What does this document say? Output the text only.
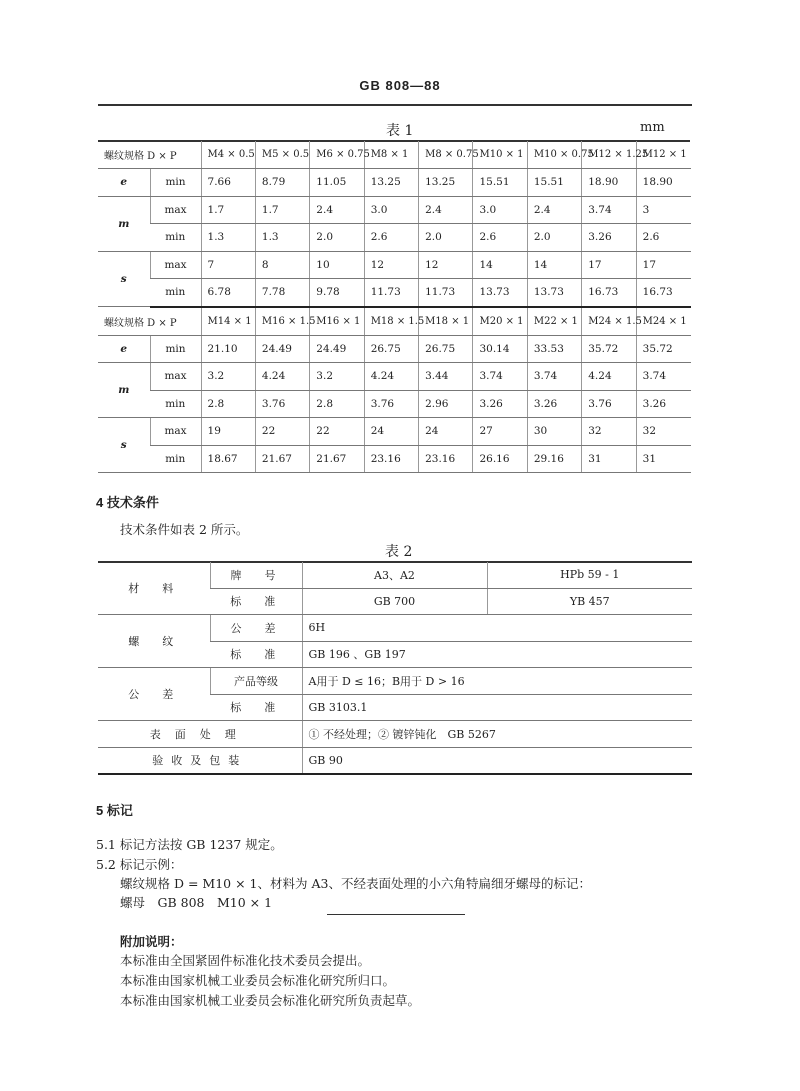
GB 808—88
表 1	mm
螺纹规格 D × P		M4 × 0.5	M5 × 0.5	M6 × 0.75	M8 × 1	M8 × 0.75	M10 × 1	M10 × 0.75	M12 × 1.25	M12 × 1
e	min	7.66	8.79	11.05	13.25	13.25	15.51	15.51	18.90	18.90
m	max	1.7	1.7	2.4	3.0	2.4	3.0	2.4	3.74	3
	min	1.3	1.3	2.0	2.6	2.0	2.6	2.0	3.26	2.6
s	max	7	8	10	12	12	14	14	17	17
	min	6.78	7.78	9.78	11.73	11.73	13.73	13.73	16.73	16.73
螺纹规格 D × P		M14 × 1	M16 × 1.5	M16 × 1	M18 × 1.5	M18 × 1	M20 × 1	M22 × 1	M24 × 1.5	M24 × 1
e	min	21.10	24.49	24.49	26.75	26.75	30.14	33.53	35.72	35.72
m	max	3.2	4.24	3.2	4.24	3.44	3.74	3.74	4.24	3.74
	min	2.8	3.76	2.8	3.76	2.96	3.26	3.26	3.76	3.26
s	max	19	22	22	24	24	27	30	32	32
	min	18.67	21.67	21.67	23.16	23.16	26.16	29.16	31	31
4 技术条件
技术条件如表 2 所示。
表 2
材　料	牌　号	A3、A2	HPb 59 - 1
	标　准	GB 700	YB 457
螺　纹	公　差	6H	
	标　准	GB 196 、GB 197	
公　差	产品等级	A用于 D ≤ 16；B用于 D > 16	
	标　准	GB 3103.1	
表面处理		① 不经处理；② 镀锌钝化　GB 5267	
验收及包装		GB 90	
5 标记
5.1 标记方法按 GB 1237 规定。
5.2 标记示例：
螺纹规格 D = M10 × 1、材料为 A3、不经表面处理的小六角特扁细牙螺母的标记：
螺母　GB 808　M10 × 1
附加说明：
本标准由全国紧固件标准化技术委员会提出。
本标准由国家机械工业委员会标准化研究所归口。
本标准由国家机械工业委员会标准化研究所负责起草。
